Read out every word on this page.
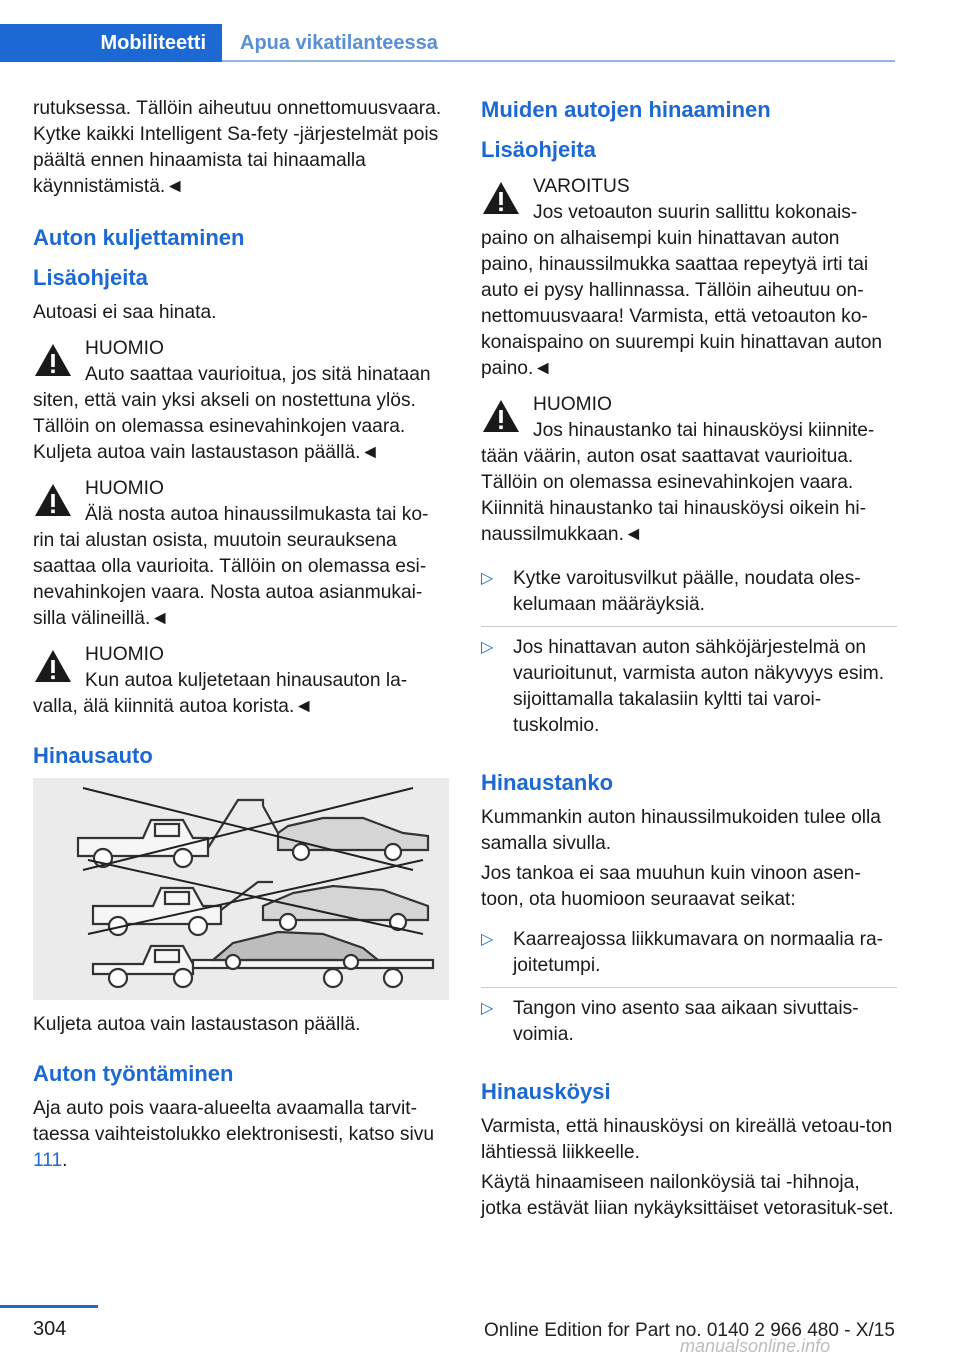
Mobiliteetti	Apua vikatilanteessa

rutuksessa. Tällöin aiheutuu onnettomuusvaara. Kytke kaikki Intelligent Sa‐fety ‑järjestelmät pois päältä ennen hinaamista tai hinaamalla käynnistämistä.◄

Auton kuljettaminen
Lisäohjeita

Autoasi ei saa hinata.

HUOMIO
Auto saattaa vaurioitua, jos sitä hinataan siten, että vain yksi akseli on nostettuna ylös. Tällöin on olemassa esinevahinkojen vaara. Kuljeta autoa vain lastaustason päällä.◄
HUOMIO
Älä nosta autoa hinaussilmukasta tai ko‐rin tai alustan osista, muutoin seurauksena saattaa olla vaurioita. Tällöin on olemassa esi‐nevahinkojen vaara. Nosta autoa asianmukai‐silla välineillä.◄
HUOMIO
Kun autoa kuljetetaan hinausauton la‐valla, älä kiinnitä autoa korista.◄
Hinausauto

Kuljeta autoa vain lastaustason päällä.

Auton työntäminen

Aja auto pois vaara-alueelta avaamalla tarvit‐taessa vaihteistolukko elektronisesti, katso sivu 111.

Muiden autojen hinaaminen
Lisäohjeita
VAROITUS
Jos vetoauton suurin sallittu kokonais‐paino on alhaisempi kuin hinattavan auton paino, hinaussilmukka saattaa repeytyä irti tai auto ei pysy hallinnassa. Tällöin aiheutuu on‐nettomuusvaara! Varmista, että vetoauton ko‐konaispaino on suurempi kuin hinattavan auton paino.◄
HUOMIO
Jos hinaustanko tai hinausköysi kiinnite‐tään väärin, auton osat saattavat vaurioitua. Tällöin on olemassa esinevahinkojen vaara. Kiinnitä hinaustanko tai hinausköysi oikein hi‐naussilmukkaan.◄
▷ Kytke varoitusvilkut päälle, noudata oles‐kelumaan määräyksiä.
▷ Jos hinattavan auton sähköjärjestelmä on vaurioitunut, varmista auton näkyvyys esim. sijoittamalla takalasiin kyltti tai varoi‐tuskolmio.
Hinaustanko

Kummankin auton hinaussilmukoiden tulee olla samalla sivulla.

Jos tankoa ei saa muuhun kuin vinoon asen‐toon, ota huomioon seuraavat seikat:

▷ Kaarreajossa liikkumavara on normaalia ra‐joitetumpi.
▷ Tangon vino asento saa aikaan sivuttais‐voimia.
Hinausköysi

Varmista, että hinausköysi on kireällä vetoau‐ton lähtiessä liikkeelle.

Käytä hinaamiseen nailonköysiä tai ‑hihnoja, jotka estävät liian nykäyksittäiset vetorasituk‐set.

304	Online Edition for Part no. 0140 2 966 480 - X/15
manualsonline.info
